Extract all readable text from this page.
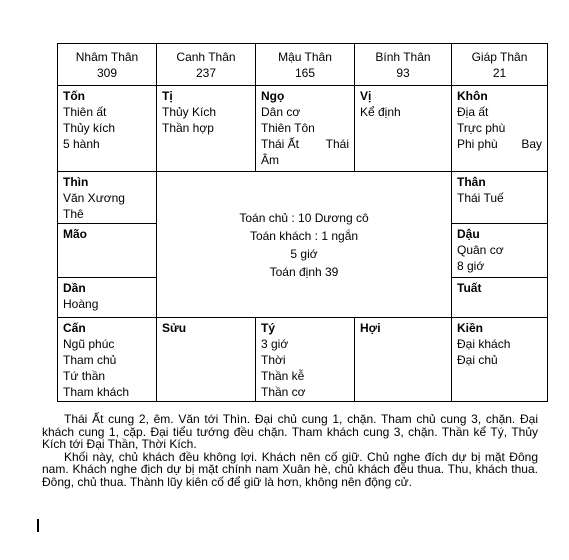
Nhâm Thân
309
Canh Thân
237
Mậu Thân
165
Bính Thân
93
Giáp Thân
21
Tốn
Thiên ất
Thủy kích
5 hành
Tị
Thủy Kích
Thần hợp
Ngọ
Dân cơ
Thiên Tôn
Thái Ất Thái
Âm
Vị
Kể định
Khôn
Địa ất
Trực phù
Phi phù Bay
Thìn
Văn Xương
Thê
Mão
Dần
Hoàng
Toán chủ : 10 Dương cô
Toán khách : 1 ngắn
5 giớ
Toán định 39
Thân
Thái Tuế
Dậu
Quân cơ
8 giớ
Tuất
Cấn
Ngũ phúc
Tham chủ
Tứ thần
Tham khách
Sửu	Tý
3 giớ
Thời
Thần kễ
Thần cơ
Hợi	Kiền
Đại khách
Đại chủ

Thái Ất cung 2, êm. Văn tới Thìn. Đại chủ cung 1, chặn. Tham chủ cung 3, chặn. Đại khách cung 1, cặp. Đại tiểu tướng đều chặn. Tham khách cung 3, chặn. Thần kể Tý, Thủy Kích tới Đại Thần, Thời Kích.

Khối này, chủ khách đều không lợi. Khách nên cố giữ. Chủ nghe đích dự bị mặt Đông nam. Khách nghe địch dự bị mặt chính nam Xuân hè, chủ khách đều thua. Thu, khách thua. Đông, chủ thua. Thành lũy kiên cố để giữ là hơn, không nên động cử.
